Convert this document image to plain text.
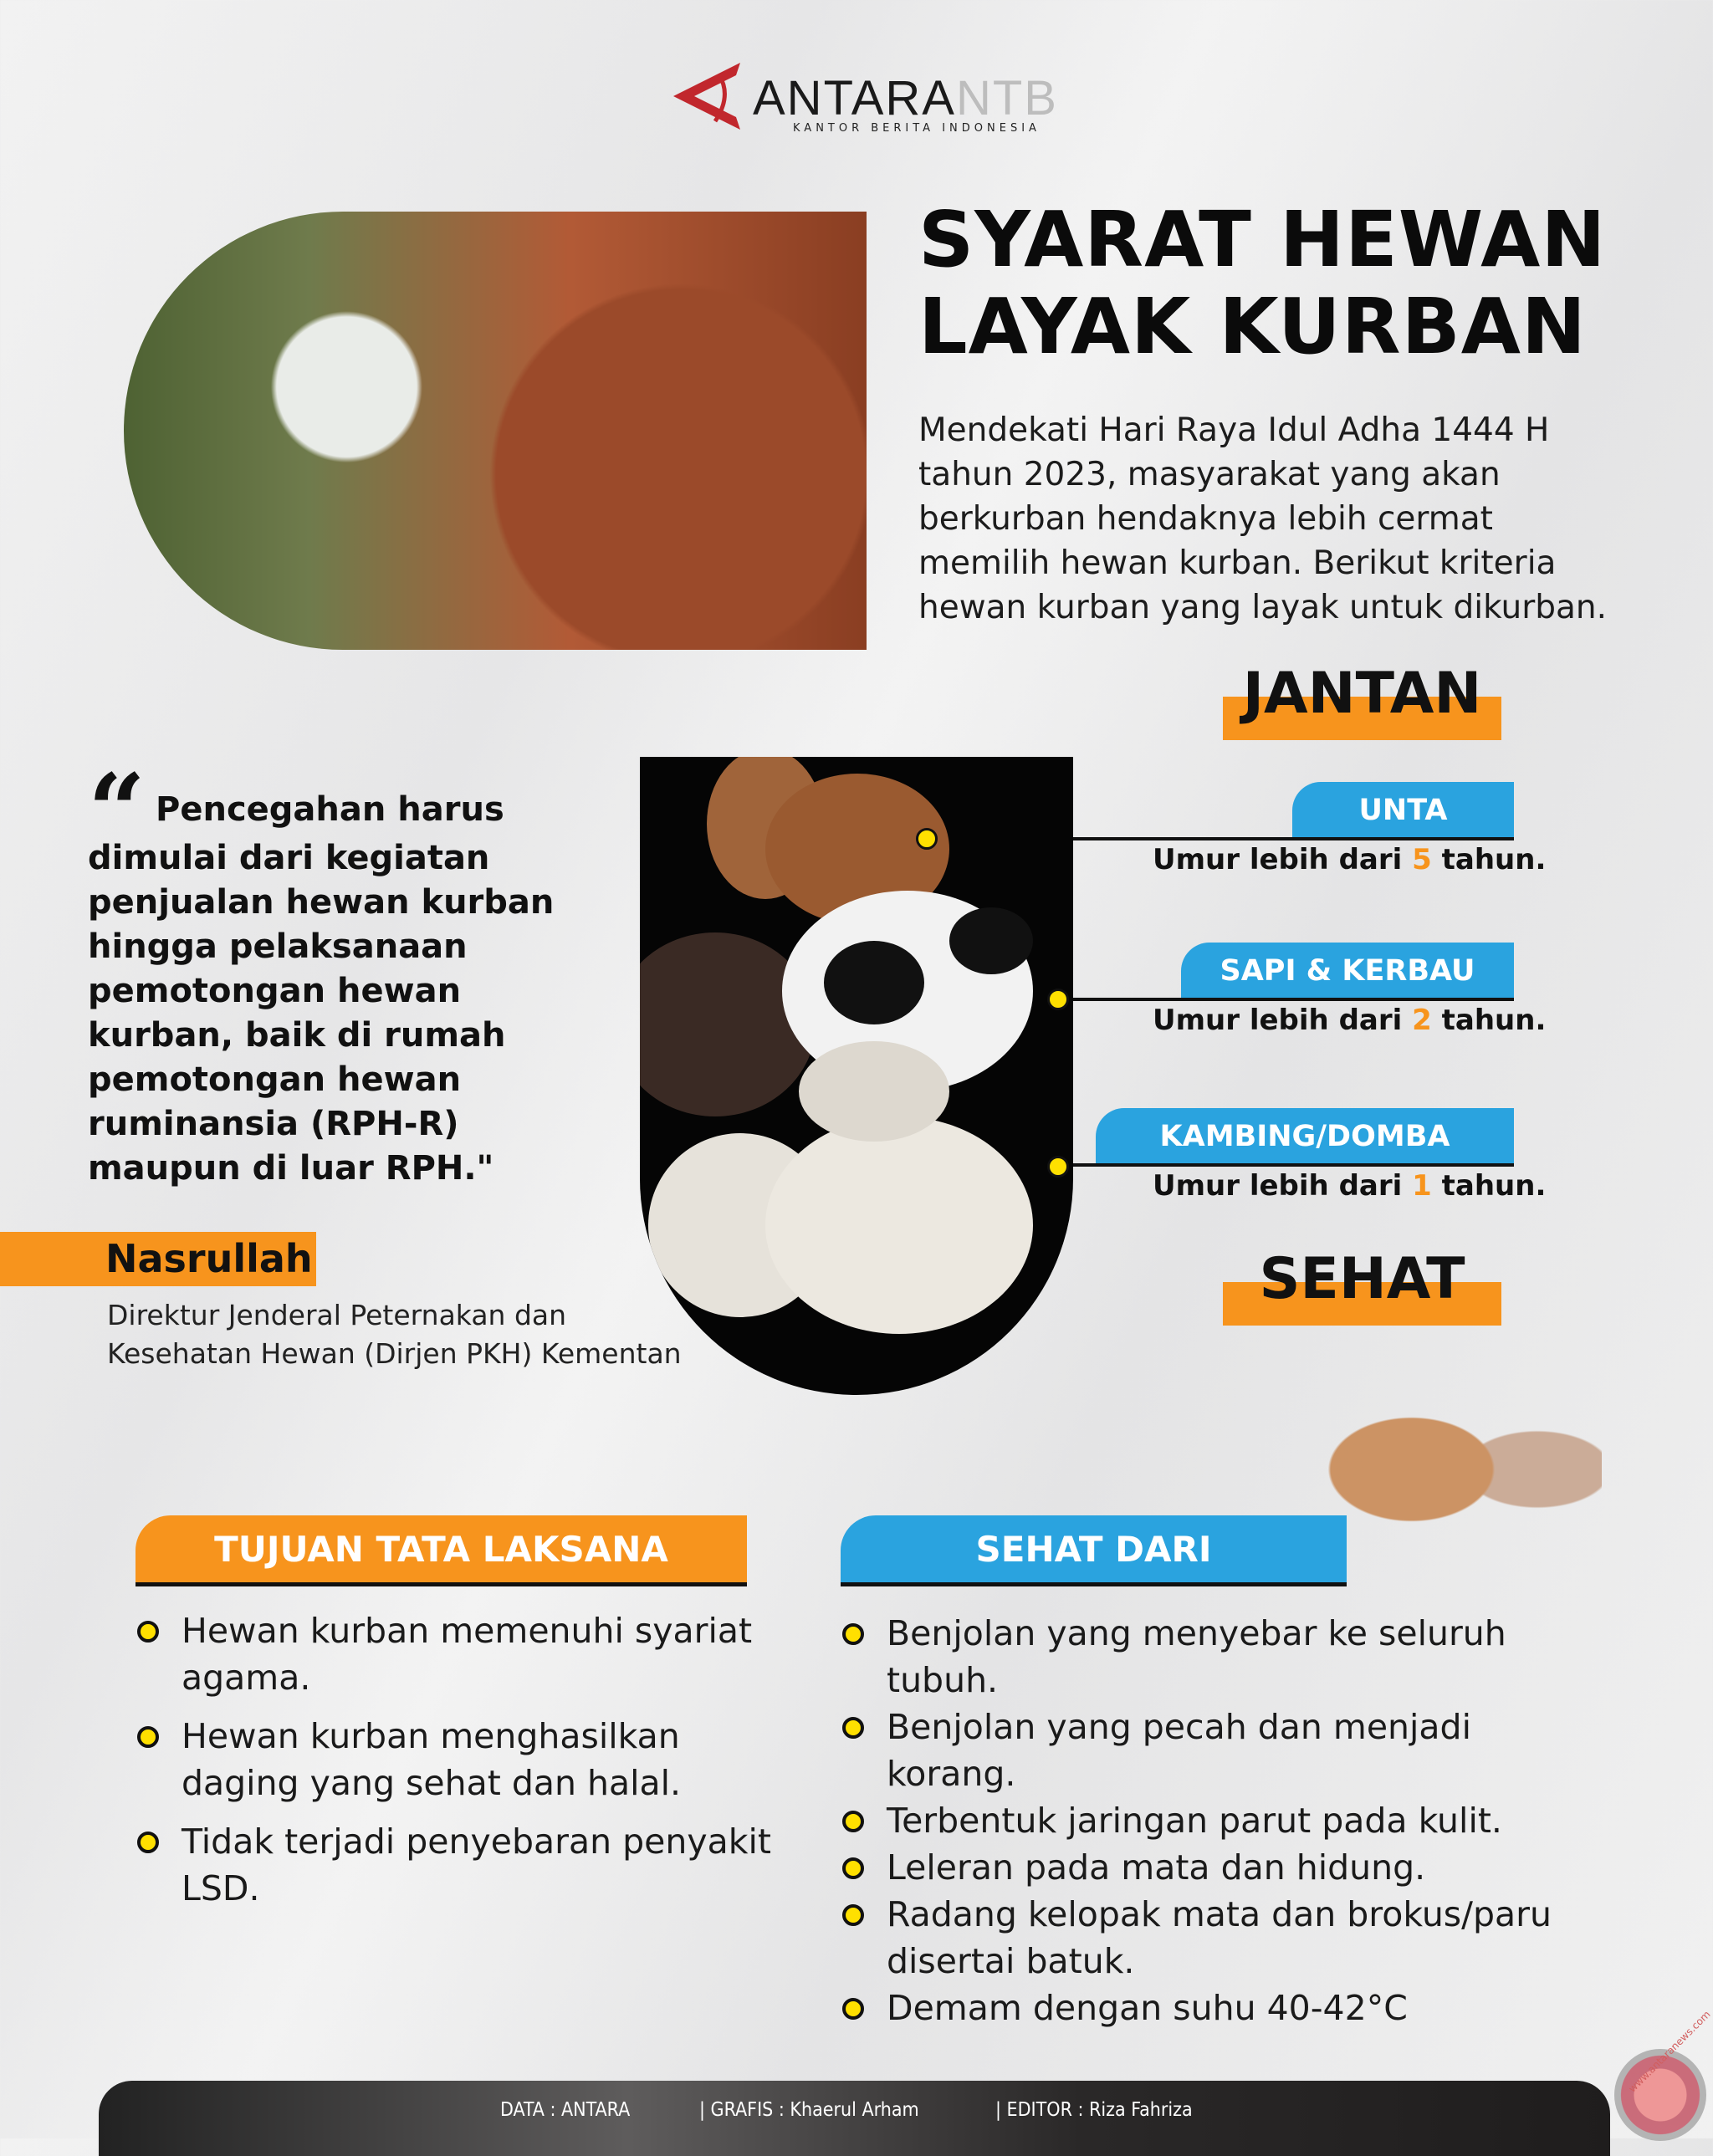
ANTARANTB
KANTOR BERITA INDONESIA
SYARAT HEWAN
LAYAK KURBAN
Mendekati Hari Raya Idul Adha 1444 H tahun 2023, masyarakat yang akan berkurban hendaknya lebih cermat memilih hewan kurban. Berikut kriteria hewan kurban yang layak untuk dikurban.
JANTAN
UNTA
Umur lebih dari 5 tahun.
SAPI & KERBAU
Umur lebih dari 2 tahun.
KAMBING/DOMBA
Umur lebih dari 1 tahun.
“ Pencegahan harus dimulai dari kegiatan penjualan hewan kurban hingga pelaksanaan pemotongan hewan kurban, baik di rumah pemotongan hewan ruminansia (RPH-R) maupun di luar RPH."
Nasrullah
Direktur Jenderal Peternakan dan
Kesehatan Hewan (Dirjen PKH) Kementan
SEHAT
TUJUAN TATA LAKSANA
Hewan kurban memenuhi syariat agama.
Hewan kurban menghasilkan daging yang sehat dan halal.
Tidak terjadi penyebaran penyakit LSD.
SEHAT DARI
Benjolan yang menyebar ke seluruh tubuh.
Benjolan yang pecah dan menjadi korang.
Terbentuk jaringan parut pada kulit.
Leleran pada mata dan hidung.
Radang kelopak mata dan brokus/paru disertai batuk.
Demam dengan suhu 40-42°C
DATA : ANTARA	| GRAFIS : Khaerul Arham	| EDITOR : Riza Fahriza
www.antaranews.com
